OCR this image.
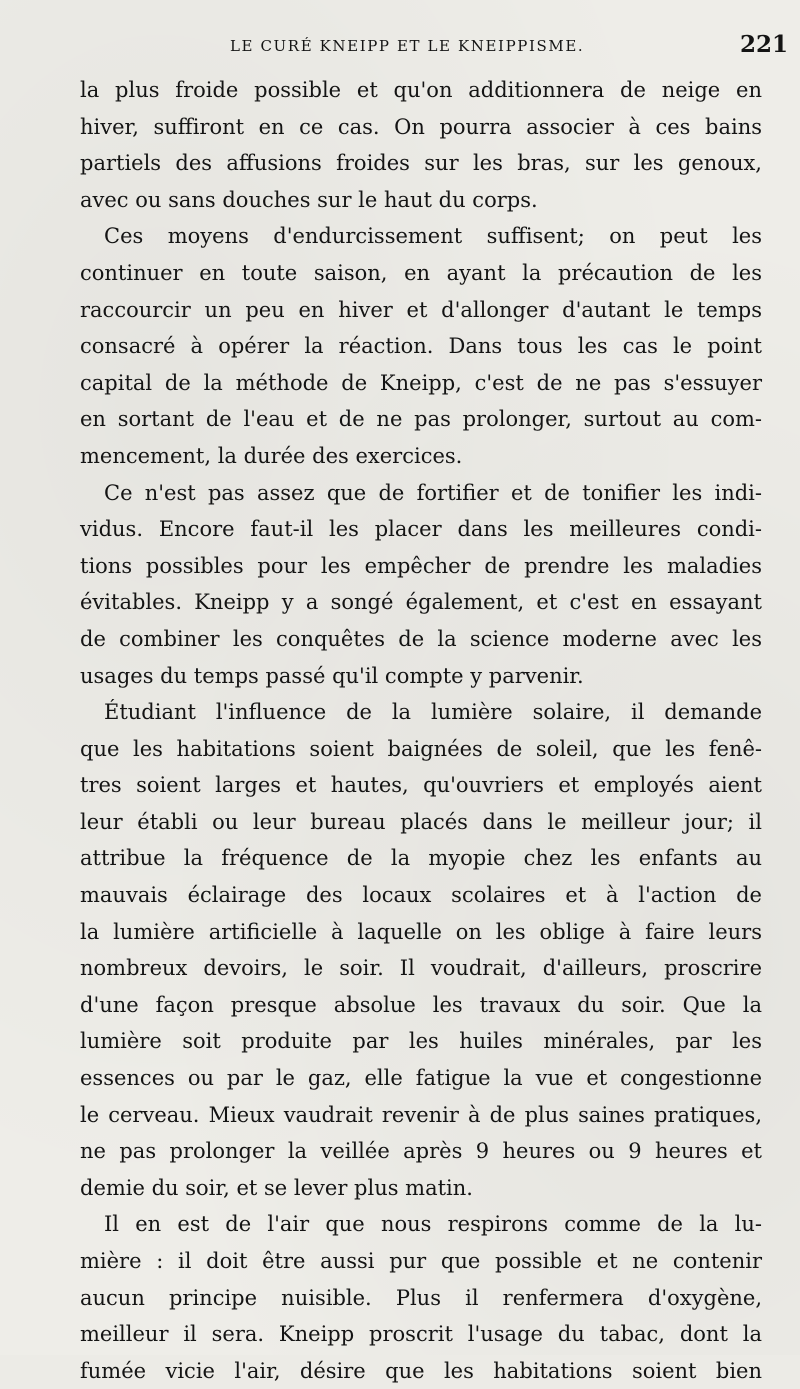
LE CURÉ KNEIPP ET LE KNEIPPISME.	221
la plus froide possible et qu'on additionnera de neige en
hiver, suffiront en ce cas. On pourra associer à ces bains
partiels des affusions froides sur les bras, sur les genoux,
avec ou sans douches sur le haut du corps.
Ces moyens d'endurcissement suffisent; on peut les
continuer en toute saison, en ayant la précaution de les
raccourcir un peu en hiver et d'allonger d'autant le temps
consacré à opérer la réaction. Dans tous les cas le point
capital de la méthode de Kneipp, c'est de ne pas s'essuyer
en sortant de l'eau et de ne pas prolonger, surtout au com-
mencement, la durée des exercices.
Ce n'est pas assez que de fortifier et de tonifier les indi-
vidus. Encore faut-il les placer dans les meilleures condi-
tions possibles pour les empêcher de prendre les maladies
évitables. Kneipp y a songé également, et c'est en essayant
de combiner les conquêtes de la science moderne avec les
usages du temps passé qu'il compte y parvenir.
Étudiant l'influence de la lumière solaire, il demande
que les habitations soient baignées de soleil, que les fenê-
tres soient larges et hautes, qu'ouvriers et employés aient
leur établi ou leur bureau placés dans le meilleur jour; il
attribue la fréquence de la myopie chez les enfants au
mauvais éclairage des locaux scolaires et à l'action de
la lumière artificielle à laquelle on les oblige à faire leurs
nombreux devoirs, le soir. Il voudrait, d'ailleurs, proscrire
d'une façon presque absolue les travaux du soir. Que la
lumière soit produite par les huiles minérales, par les
essences ou par le gaz, elle fatigue la vue et congestionne
le cerveau. Mieux vaudrait revenir à de plus saines pratiques,
ne pas prolonger la veillée après 9 heures ou 9 heures et
demie du soir, et se lever plus matin.
Il en est de l'air que nous respirons comme de la lu-
mière : il doit être aussi pur que possible et ne contenir
aucun principe nuisible. Plus il renfermera d'oxygène,
meilleur il sera. Kneipp proscrit l'usage du tabac, dont la
fumée vicie l'air, désire que les habitations soient bien
